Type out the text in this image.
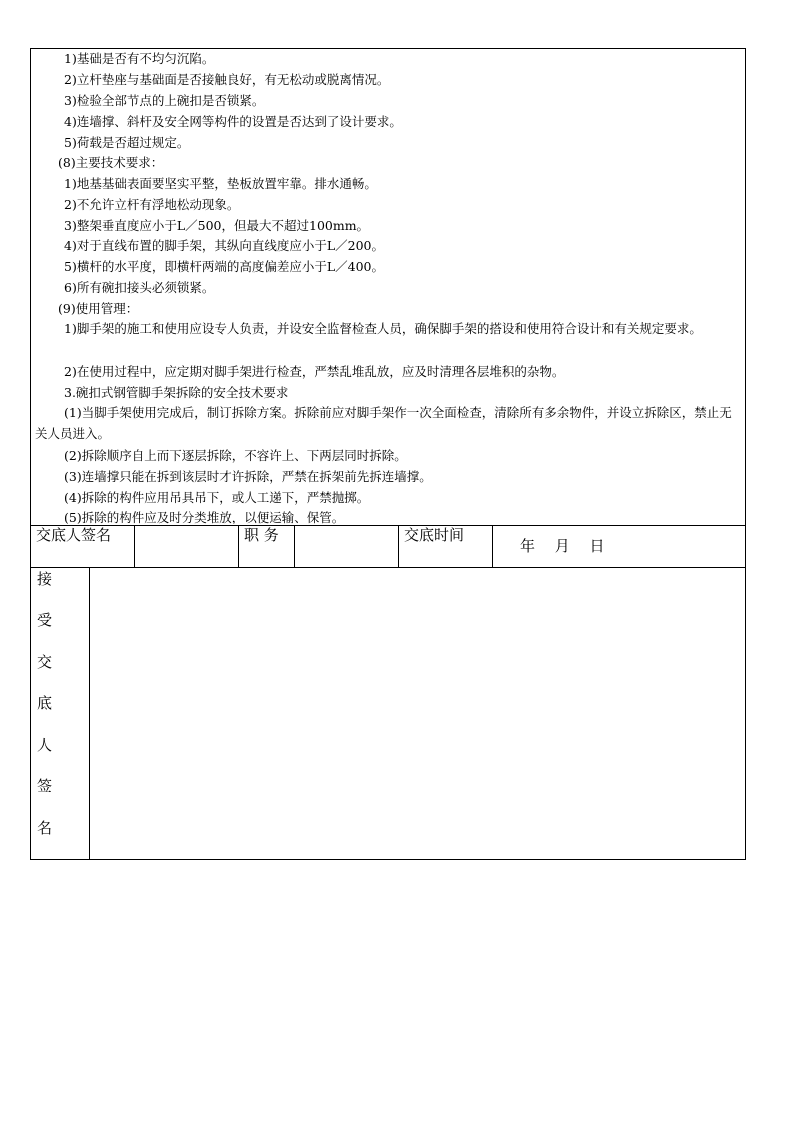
1)基础是否有不均匀沉陷。
2)立杆垫座与基础面是否接触良好，有无松动或脱离情况。
3)检验全部节点的上碗扣是否锁紧。
4)连墙撑、斜杆及安全网等构件的设置是否达到了设计要求。
5)荷载是否超过规定。
(8)主要技术要求：
1)地基基础表面要坚实平整，垫板放置牢靠。排水通畅。
2)不允许立杆有浮地松动现象。
3)整架垂直度应小于L／500，但最大不超过100mm。
4)对于直线布置的脚手架，其纵向直线度应小于L／200。
5)横杆的水平度，即横杆两端的高度偏差应小于L／400。
6)所有碗扣接头必须锁紧。
(9)使用管理：
1)脚手架的施工和使用应设专人负责，并设安全监督检查人员，确保脚手架的搭设和使用符合设计和有关规定要求。
2)在使用过程中，应定期对脚手架进行检查，严禁乱堆乱放，应及时清理各层堆积的杂物。
3.碗扣式钢管脚手架拆除的安全技术要求
(1)当脚手架使用完成后，制订拆除方案。拆除前应对脚手架作一次全面检查，清除所有多余物件，并设立拆除区，禁止无关人员进入。
(2)拆除顺序自上而下逐层拆除，不容许上、下两层同时拆除。
(3)连墙撑只能在拆到该层时才许拆除，严禁在拆架前先拆连墙撑。
(4)拆除的构件应用吊具吊下，或人工递下，严禁抛掷。
(5)拆除的构件应及时分类堆放，以便运输、保管。
交底人签名	职 务	交底时间
年　 月　 日
接
受
交
底
人
签
名
